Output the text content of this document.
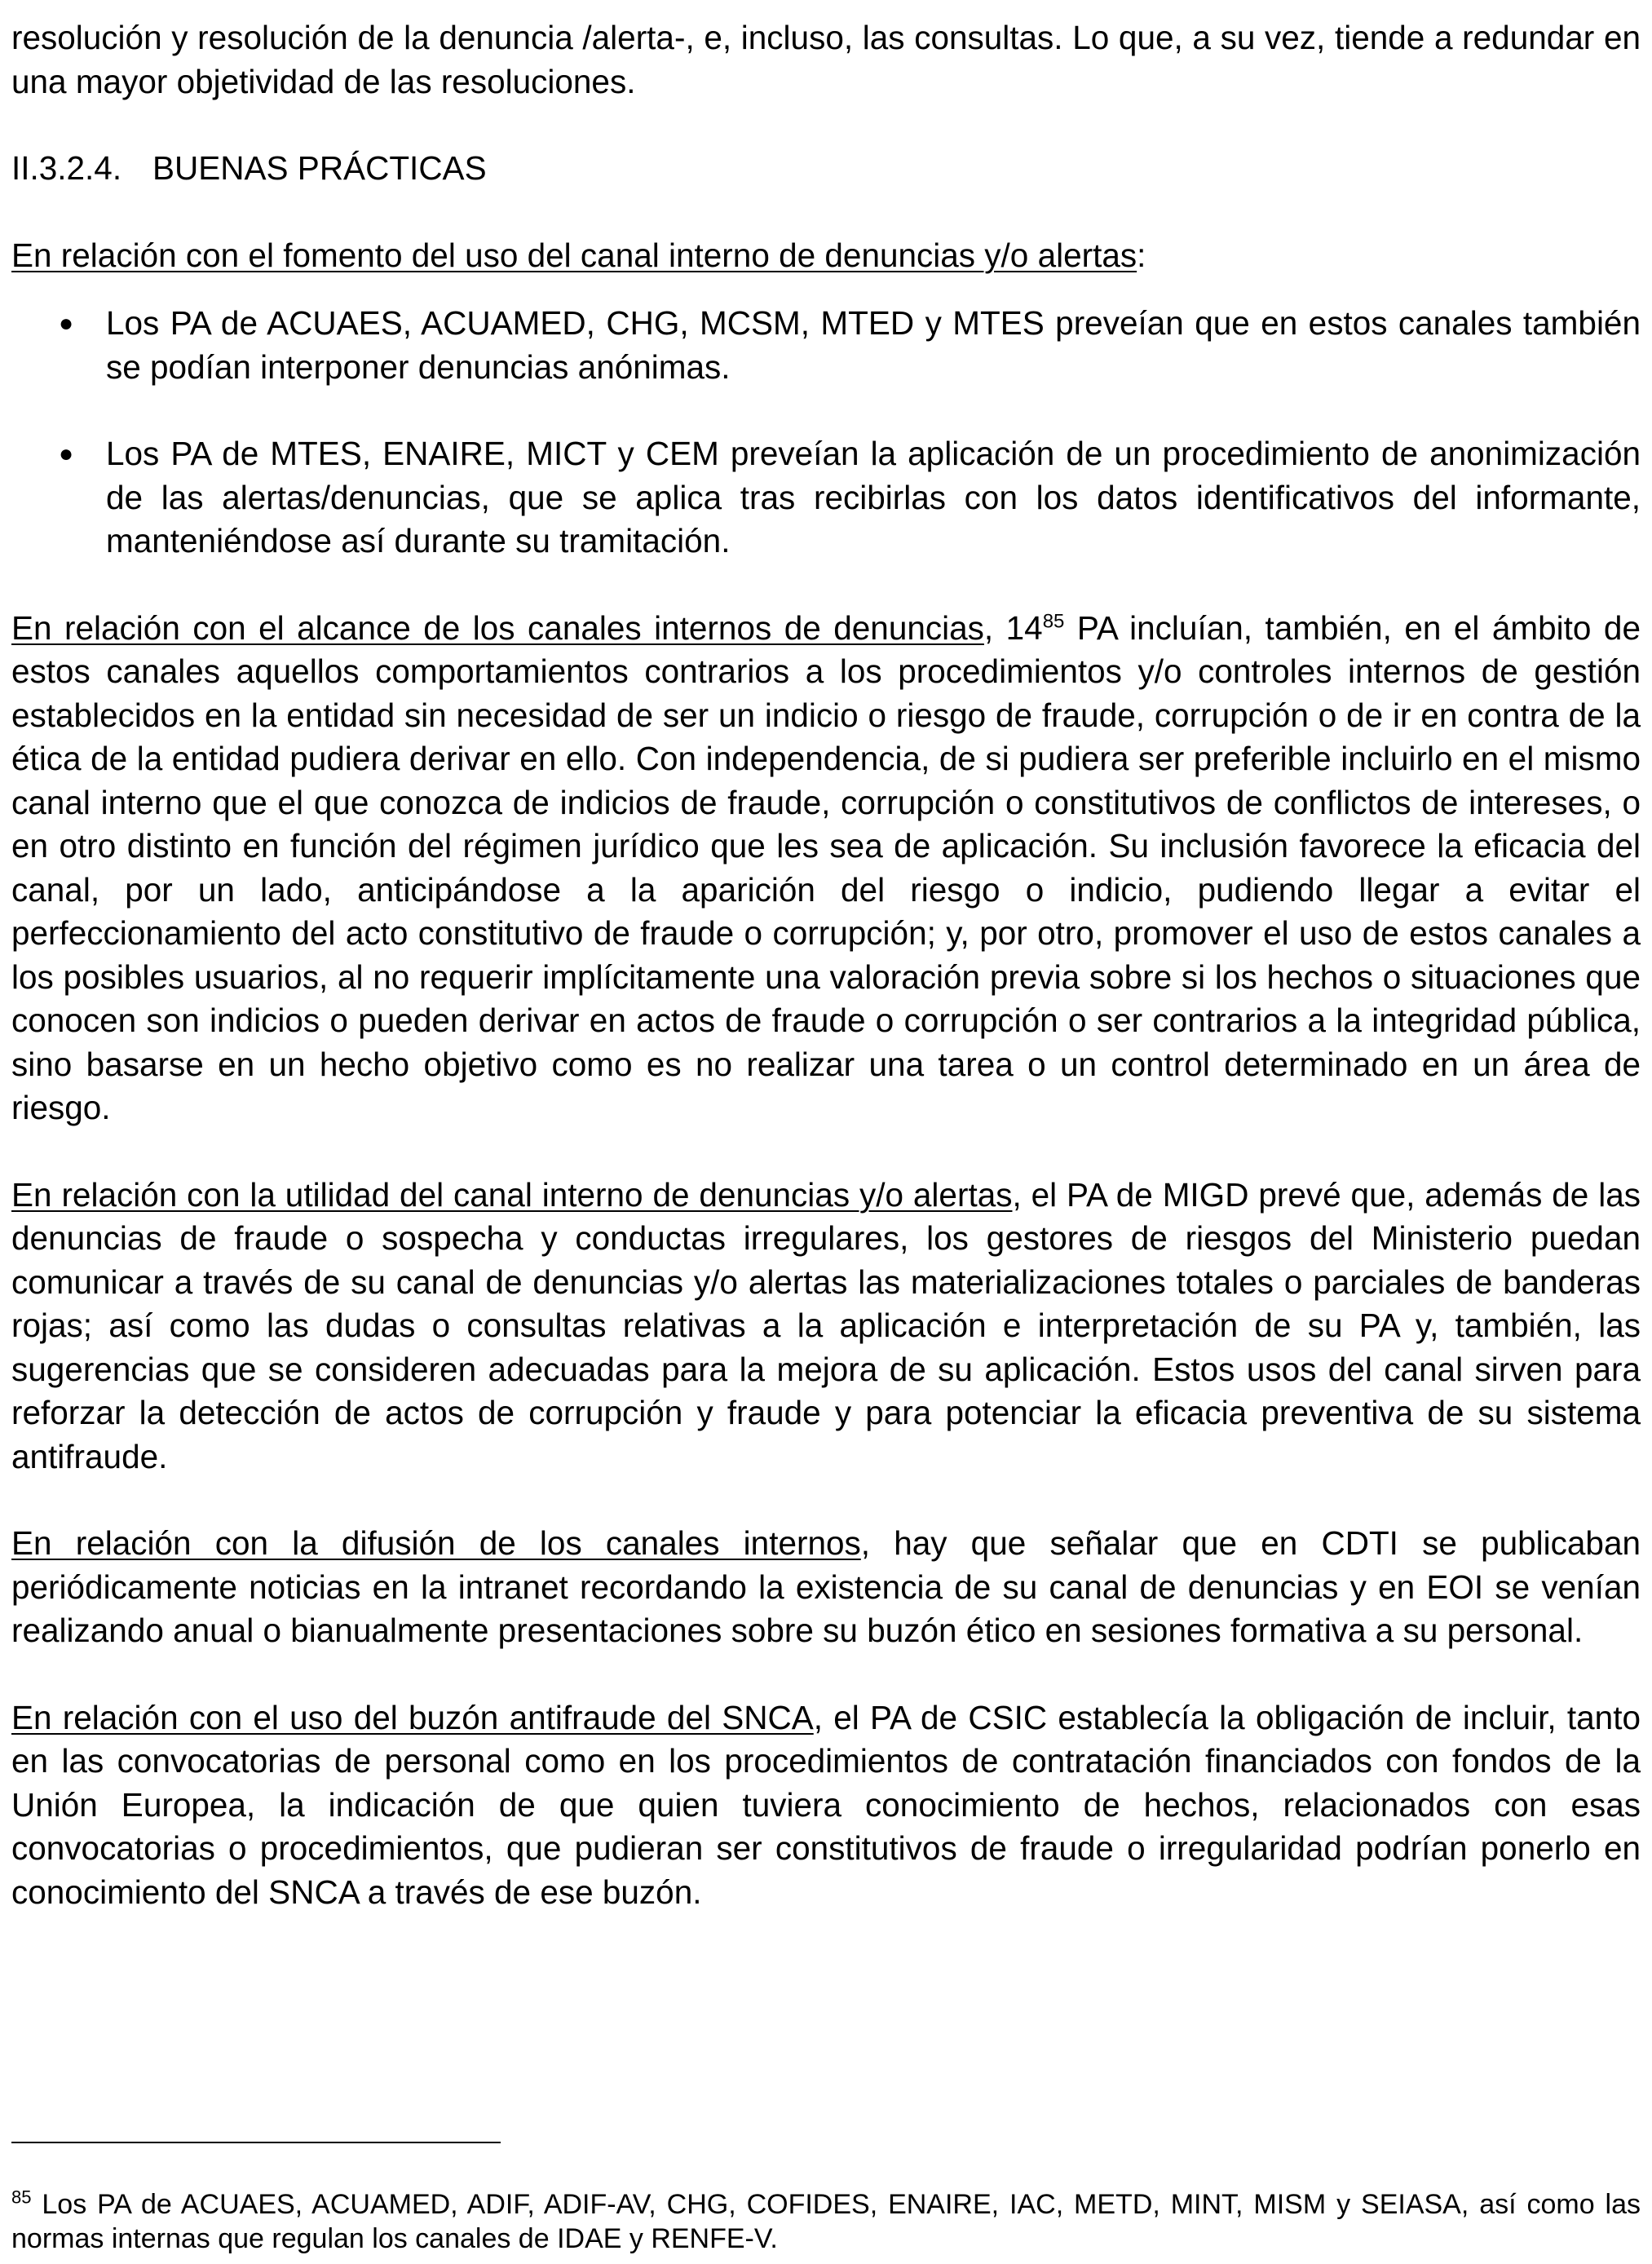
resolución y resolución de la denuncia /alerta-, e, incluso, las consultas. Lo que, a su vez, tiende a redundar en una mayor objetividad de las resoluciones.

II.3.2.4. BUENAS PRÁCTICAS

En relación con el fomento del uso del canal interno de denuncias y/o alertas:

● Los PA de ACUAES, ACUAMED, CHG, MCSM, MTED y MTES preveían que en estos canales también se podían interponer denuncias anónimas.
● Los PA de MTES, ENAIRE, MICT y CEM preveían la aplicación de un procedimiento de anonimización de las alertas/denuncias, que se aplica tras recibirlas con los datos identificativos del informante, manteniéndose así durante su tramitación.

En relación con el alcance de los canales internos de denuncias, 14$^{85}$ PA incluían, también, en el ámbito de estos canales aquellos comportamientos contrarios a los procedimientos y/o controles internos de gestión establecidos en la entidad sin necesidad de ser un indicio o riesgo de fraude, corrupción o de ir en contra de la ética de la entidad pudiera derivar en ello. Con independencia, de si pudiera ser preferible incluirlo en el mismo canal interno que el que conozca de indicios de fraude, corrupción o constitutivos de conflictos de intereses, o en otro distinto en función del régimen jurídico que les sea de aplicación. Su inclusión favorece la eficacia del canal, por un lado, anticipándose a la aparición del riesgo o indicio, pudiendo llegar a evitar el perfeccionamiento del acto constitutivo de fraude o corrupción; y, por otro, promover el uso de estos canales a los posibles usuarios, al no requerir implícitamente una valoración previa sobre si los hechos o situaciones que conocen son indicios o pueden derivar en actos de fraude o corrupción o ser contrarios a la integridad pública, sino basarse en un hecho objetivo como es no realizar una tarea o un control determinado en un área de riesgo.

En relación con la utilidad del canal interno de denuncias y/o alertas, el PA de MIGD prevé que, además de las denuncias de fraude o sospecha y conductas irregulares, los gestores de riesgos del Ministerio puedan comunicar a través de su canal de denuncias y/o alertas las materializaciones totales o parciales de banderas rojas; así como las dudas o consultas relativas a la aplicación e interpretación de su PA y, también, las sugerencias que se consideren adecuadas para la mejora de su aplicación. Estos usos del canal sirven para reforzar la detección de actos de corrupción y fraude y para potenciar la eficacia preventiva de su sistema antifraude.

En relación con la difusión de los canales internos, hay que señalar que en CDTI se publicaban periódicamente noticias en la intranet recordando la existencia de su canal de denuncias y en EOI se venían realizando anual o bianualmente presentaciones sobre su buzón ético en sesiones formativa a su personal.

En relación con el uso del buzón antifraude del SNCA, el PA de CSIC establecía la obligación de incluir, tanto en las convocatorias de personal como en los procedimientos de contratación financiados con fondos de la Unión Europea, la indicación de que quien tuviera conocimiento de hechos, relacionados con esas convocatorias o procedimientos, que pudieran ser constitutivos de fraude o irregularidad podrían ponerlo en conocimiento del SNCA a través de ese buzón.

$^{85}$ Los PA de ACUAES, ACUAMED, ADIF, ADIF-AV, CHG, COFIDES, ENAIRE, IAC, METD, MINT, MISM y SEIASA, así como las normas internas que regulan los canales de IDAE y RENFE-V.
